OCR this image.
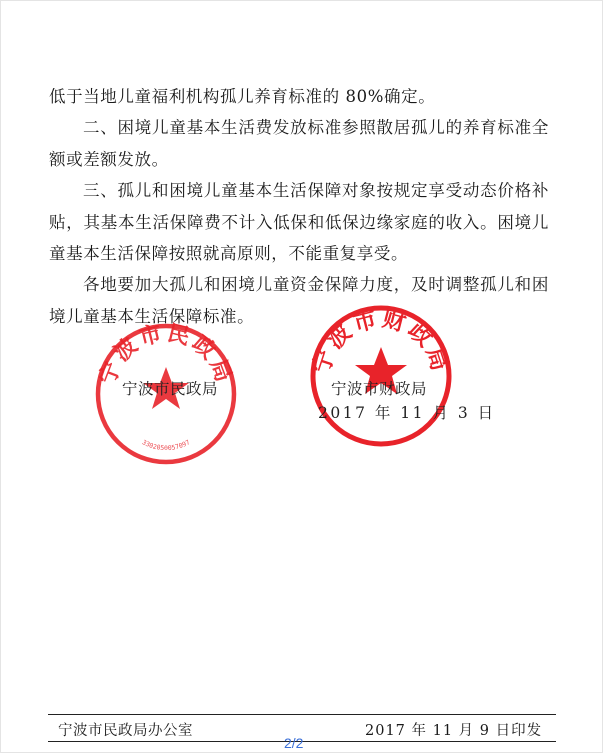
低于当地儿童福利机构孤儿养育标准的 80%确定。

二、困境儿童基本生活费发放标准参照散居孤儿的养育标准全额或差额发放。

三、孤儿和困境儿童基本生活保障对象按规定享受动态价格补贴，其基本生活保障费不计入低保和低保边缘家庭的收入。困境儿童基本生活保障按照就高原则，不能重复享受。

各地要加大孤儿和困境儿童资金保障力度，及时调整孤儿和困境儿童基本生活保障标准。

宁波市民政局
3302050057097
宁波市财政局
宁波市民政局	宁波市财政局
2017 年 11 月 3 日
宁波市民政局办公室	2017 年 11 月 9 日印发
2/2
